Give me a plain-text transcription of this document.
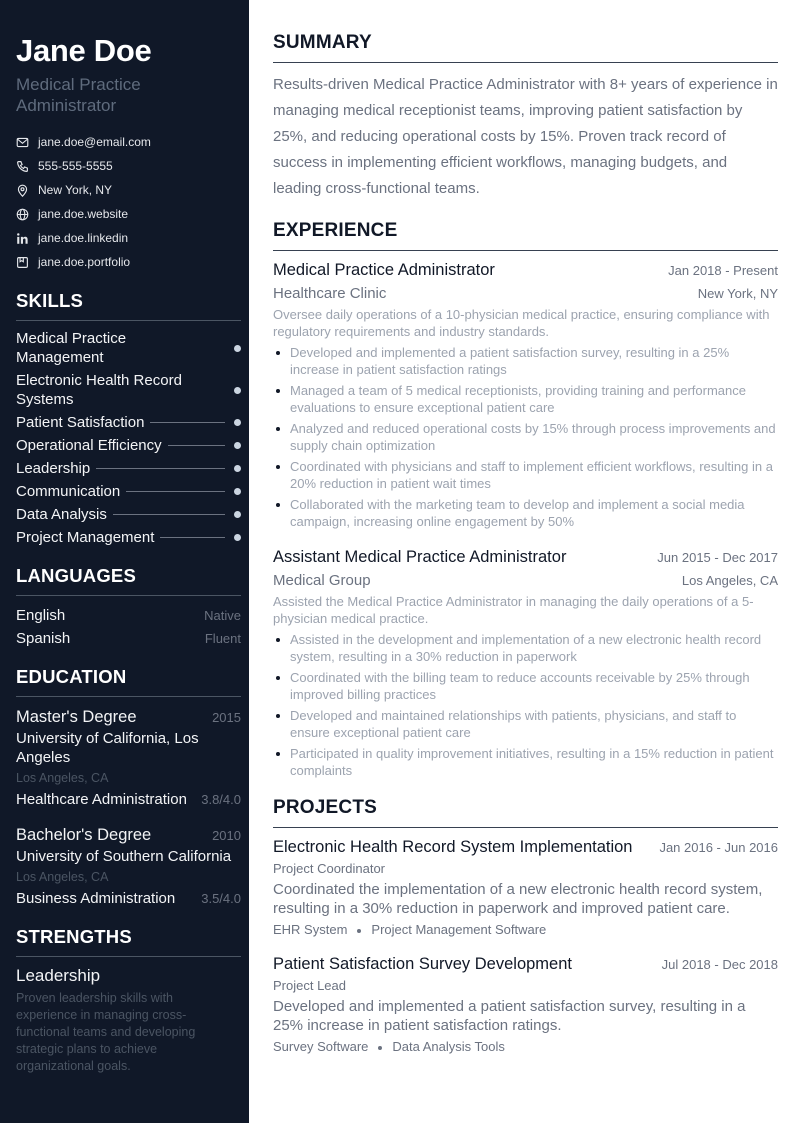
Jane Doe
Medical Practice Administrator
jane.doe@email.com
555-555-5555
New York, NY
jane.doe.website
jane.doe.linkedin
jane.doe.portfolio
SKILLS
Medical Practice Management
Electronic Health Record Systems
Patient Satisfaction
Operational Efficiency
Leadership
Communication
Data Analysis
Project Management
LANGUAGES
English	Native
Spanish	Fluent
EDUCATION
Master's Degree	2015
University of California, Los Angeles
Los Angeles, CA
Healthcare Administration 3.8/4.0
Bachelor's Degree	2010
University of Southern California
Los Angeles, CA
Business Administration 3.5/4.0
STRENGTHS
Leadership
Proven leadership skills with experience in managing cross-functional teams and developing strategic plans to achieve organizational goals.
SUMMARY

Results-driven Medical Practice Administrator with 8+ years of experience in managing medical receptionist teams, improving patient satisfaction by 25%, and reducing operational costs by 15%. Proven track record of success in implementing efficient workflows, managing budgets, and leading cross-functional teams.

EXPERIENCE
Medical Practice Administrator	Jan 2018 - Present
Healthcare Clinic	New York, NY
Oversee daily operations of a 10-physician medical practice, ensuring compliance with regulatory requirements and industry standards.
Developed and implemented a patient satisfaction survey, resulting in a 25% increase in patient satisfaction ratings
Managed a team of 5 medical receptionists, providing training and performance evaluations to ensure exceptional patient care
Analyzed and reduced operational costs by 15% through process improvements and supply chain optimization
Coordinated with physicians and staff to implement efficient workflows, resulting in a 20% reduction in patient wait times
Collaborated with the marketing team to develop and implement a social media campaign, increasing online engagement by 50%
Assistant Medical Practice Administrator	Jun 2015 - Dec 2017
Medical Group	Los Angeles, CA
Assisted the Medical Practice Administrator in managing the daily operations of a 5-physician medical practice.
Assisted in the development and implementation of a new electronic health record system, resulting in a 30% reduction in paperwork
Coordinated with the billing team to reduce accounts receivable by 25% through improved billing practices
Developed and maintained relationships with patients, physicians, and staff to ensure exceptional patient care
Participated in quality improvement initiatives, resulting in a 15% reduction in patient complaints
PROJECTS
Electronic Health Record System Implementation Jan 2016 - Jun 2016
Project Coordinator
Coordinated the implementation of a new electronic health record system, resulting in a 30% reduction in paperwork and improved patient care.
EHR System Project Management Software
Patient Satisfaction Survey Development	Jul 2018 - Dec 2018
Project Lead
Developed and implemented a patient satisfaction survey, resulting in a 25% increase in patient satisfaction ratings.
Survey Software Data Analysis Tools
